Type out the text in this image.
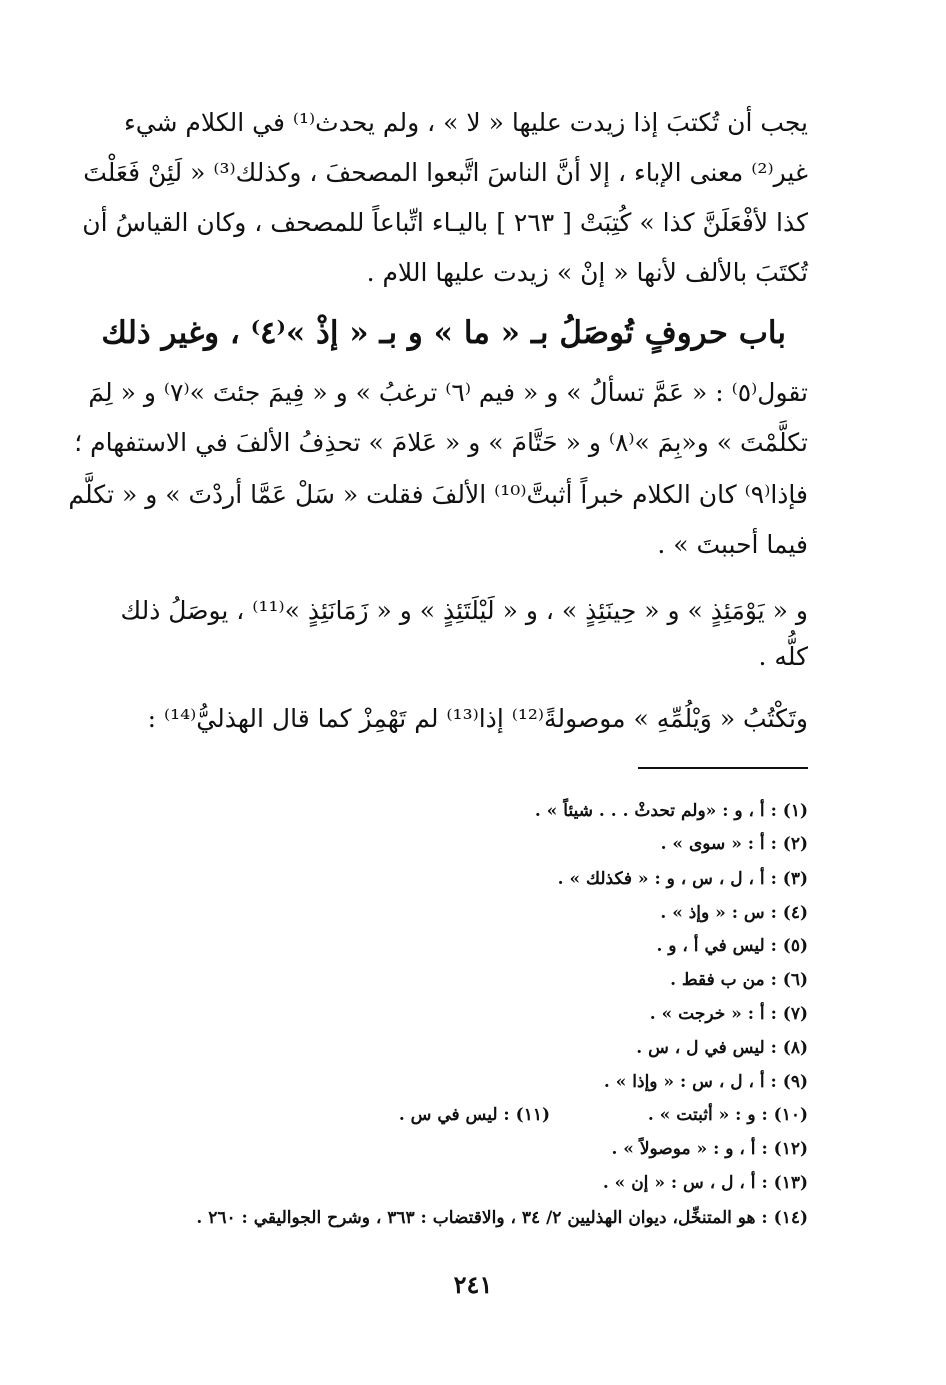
يجب أن تُكتبَ إذا زيدت عليها « لا » ، ولم يحدث⁽¹⁾ في الكلام شيء
غير⁽²⁾ معنى الإباء ، إلا أنَّ الناسَ اتَّبعوا المصحفَ ، وكذلك⁽³⁾ « لَئِنْ فَعَلْتَ
كذا لأفْعَلَنَّ كذا » كُتِبَتْ [ ٢٦٣ ] باليـاء اتِّباعاً للمصحف ، وكان القياسُ أن
تُكتَبَ بالألف لأنها « إنْ » زيدت عليها اللام .
باب حروفٍ تُوصَلُ بـ « ما » و بـ « إذْ »⁽٤⁾ ، وغير ذلك
تقول⁽٥⁾ : « عَمَّ تسألُ » و « فيم ⁽٦⁾ ترغبُ » و « فِيمَ جئتَ »⁽٧⁾ و « لِمَ
تكلَّمْتَ » و«بِمَ »⁽٨⁾ و « حَتَّامَ » و « عَلامَ » تحذِفُ الألفَ في الاستفهام ؛
فإذا⁽٩⁾ كان الكلام خبراً أثبتَّ⁽¹⁰⁾ الألفَ فقلت « سَلْ عَمَّا أردْتَ » و « تكلَّم
فيما أحببتَ » .
و « يَوْمَئِذٍ » و « حِينَئِذٍ » ، و « لَيْلَتَئِذٍ » و « زَمَانَئِذٍ »⁽¹¹⁾ ، يوصَلُ ذلك
كلُّه .
وتَكْتُبُ « وَيْلُمِّهِ » موصولةً⁽¹²⁾ إذا⁽¹³⁾ لم تَهْمِزْ كما قال الهذليُّ⁽¹⁴⁾ :
(١) : أ ، و : «ولم تحدثْ . . . شيئاً » .
(٢) : أ : « سوى » .
(٣) : أ ، ل ، س ، و : « فكذلك » .
(٤) : س : « وإذ » .
(٥) : ليس في أ ، و .
(٦) : من ب فقط .
(٧) : أ : « خرجت » .
(٨) : ليس في ل ، س .
(٩) : أ ، ل ، س : « وإذا » .
(١٠) : و : « أثبتت » .
(١١) : ليس في س .
(١٢) : أ ، و : « موصولاً » .
(١٣) : أ ، ل ، س : « إن » .
(١٤) : هو المتنخِّل، ديوان الهذليين ٢/ ٣٤ ، والاقتضاب : ٣٦٣ ، وشرح الجواليقي : ٢٦٠ .
٢٤١
